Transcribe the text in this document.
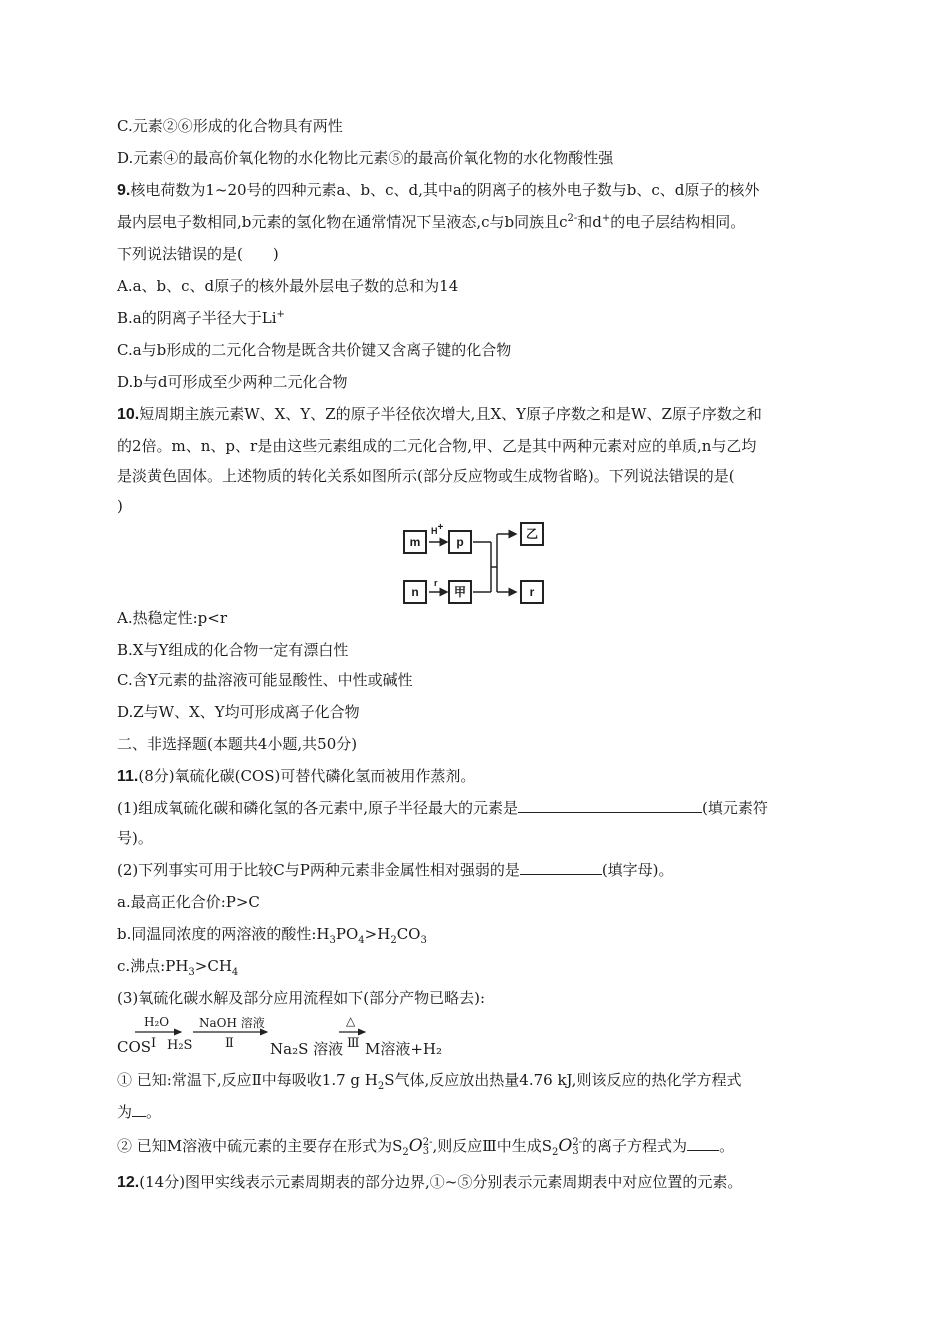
C.元素②⑥形成的化合物具有两性
D.元素④的最高价氧化物的水化物比元素⑤的最高价氧化物的水化物酸性强
9.核电荷数为1~20号的四种元素a、b、c、d,其中a的阴离子的核外电子数与b、c、d原子的核外
最内层电子数相同,b元素的氢化物在通常情况下呈液态,c与b同族且$c^{2-}$和d+的电子层结构相同。
下列说法错误的是(　　)
A.a、b、c、d原子的核外最外层电子数的总和为14
B.a的阴离子半径大于Li+
C.a与b形成的二元化合物是既含共价键又含离子键的化合物
D.b与d可形成至少两种二元化合物
10.短周期主族元素W、X、Y、Z的原子半径依次增大,且X、Y原子序数之和是W、Z原子序数之和
的2倍。m、n、p、r是由这些元素组成的二元化合物,甲、乙是其中两种元素对应的单质,n与乙均
是淡黄色固体。上述物质的转化关系如图所示(部分反应物或生成物省略)。下列说法错误的是(
)
m	p
n	甲
乙
r
H+
r
A.热稳定性:p<r
B.X与Y组成的化合物一定有漂白性
C.含Y元素的盐溶液可能显酸性、中性或碱性
D.Z与W、X、Y均可形成离子化合物
二、非选择题(本题共4小题,共50分)
11.(8分)氧硫化碳(COS)可替代磷化氢而被用作蒸剂。
(1)组成氧硫化碳和磷化氢的各元素中,原子半径最大的元素是	(填元素符
号)。
(2)下列事实可用于比较C与P两种元素非金属性相对强弱的是	(填字母)。
a.最高正化合价:P>C
b.同温同浓度的两溶液的酸性$:H_3PO_4>H_2CO_3$
c.沸点$:PH_3>CH_4$
(3)氧硫化碳水解及部分应用流程如下(部分产物已略去):
COS
H₂O
Ⅰ H₂S
NaOH 溶液
Ⅱ Na₂S 溶液
△
Ⅲ M溶液+H₂
① 已知:常温下,反应Ⅱ中每吸收1.7 g $H_2S$气体,反应放出热量4.76 kJ,则该反应的热化学方程式
为 。
② 已知M溶液中硫元素的主要存在形式为$S_2O$ 2-
3 ,则反应Ⅲ中生成$S_2O$ 2-
3 的离子方程式为 。
12.(14分)图甲实线表示元素周期表的部分边界,①~⑤分别表示元素周期表中对应位置的元素。
